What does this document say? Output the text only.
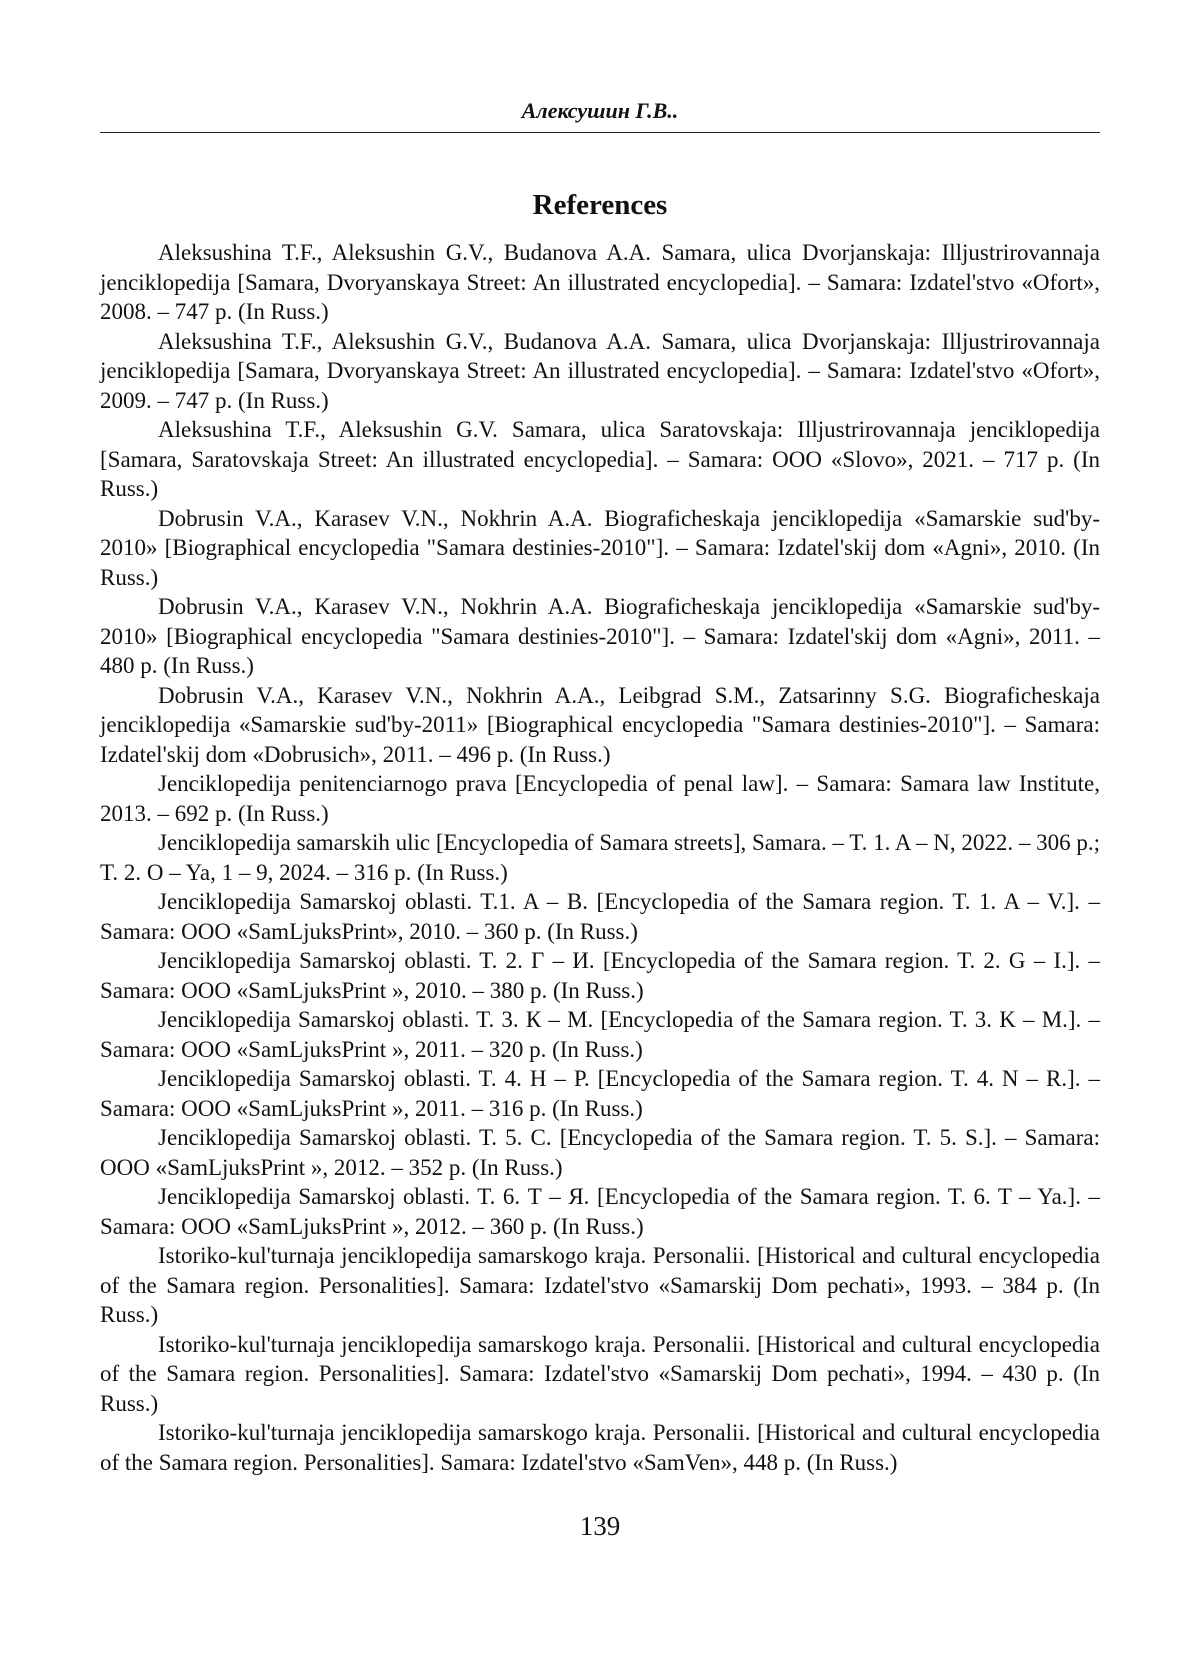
Алексушин Г.В..
References
Aleksushina T.F., Aleksushin G.V., Budanova A.A. Samara, ulica Dvorjanskaja: Illjustrirovannaja jenciklopedija [Samara, Dvoryanskaya Street: An illustrated encyclopedia]. – Samara: Izdatel'stvo «Ofort», 2008. – 747 p. (In Russ.)
Aleksushina T.F., Aleksushin G.V., Budanova A.A. Samara, ulica Dvorjanskaja: Illjustrirovannaja jenciklopedija [Samara, Dvoryanskaya Street: An illustrated encyclopedia]. – Samara: Izdatel'stvo «Ofort», 2009. – 747 p. (In Russ.)
Aleksushina T.F., Aleksushin G.V. Samara, ulica Saratovskaja: Illjustrirovannaja jenciklopedija [Samara, Saratovskaja Street: An illustrated encyclopedia]. – Samara: OOO «Slovo», 2021. – 717 p. (In Russ.)
Dobrusin V.A., Karasev V.N., Nokhrin A.A. Biograficheskaja jenciklopedija «Samarskie sud'by-2010» [Biographical encyclopedia "Samara destinies-2010"]. – Samara: Izdatel'skij dom «Agni», 2010. (In Russ.)
Dobrusin V.A., Karasev V.N., Nokhrin A.A. Biograficheskaja jenciklopedija «Samarskie sud'by-2010» [Biographical encyclopedia "Samara destinies-2010"]. – Samara: Izdatel'skij dom «Agni», 2011. – 480 p. (In Russ.)
Dobrusin V.A., Karasev V.N., Nokhrin A.A., Leibgrad S.M., Zatsarinny S.G. Biograficheskaja jenciklopedija «Samarskie sud'by-2011» [Biographical encyclopedia "Samara destinies-2010"]. – Samara: Izdatel'skij dom «Dobrusich», 2011. – 496 p. (In Russ.)
Jenciklopedija penitenciarnogo prava [Encyclopedia of penal law]. – Samara: Samara law Institute, 2013. – 692 p. (In Russ.)
Jenciklopedija samarskih ulic [Encyclopedia of Samara streets], Samara. – T. 1. A – N, 2022. – 306 p.; T. 2. O – Ya, 1 – 9, 2024. – 316 p. (In Russ.)
Jenciklopedija Samarskoj oblasti. T.1. A – B. [Encyclopedia of the Samara region. T. 1. A – V.]. – Samara: OOO «SamLjuksPrint», 2010. – 360 p. (In Russ.)
Jenciklopedija Samarskoj oblasti. T. 2. Г – И. [Encyclopedia of the Samara region. T. 2. G – I.]. – Samara: OOO «SamLjuksPrint », 2010. – 380 p. (In Russ.)
Jenciklopedija Samarskoj oblasti. T. 3. К – М. [Encyclopedia of the Samara region. T. 3. K – M.]. – Samara: OOO «SamLjuksPrint », 2011. – 320 p. (In Russ.)
Jenciklopedija Samarskoj oblasti. T. 4. Н – Р. [Encyclopedia of the Samara region. T. 4. N – R.]. – Samara: OOO «SamLjuksPrint », 2011. – 316 p. (In Russ.)
Jenciklopedija Samarskoj oblasti. T. 5. С. [Encyclopedia of the Samara region. T. 5. S.]. – Samara: OOO «SamLjuksPrint », 2012. – 352 p. (In Russ.)
Jenciklopedija Samarskoj oblasti. T. 6. Т – Я. [Encyclopedia of the Samara region. T. 6. T – Ya.]. – Samara: OOO «SamLjuksPrint », 2012. – 360 p. (In Russ.)
Istoriko-kul'turnaja jenciklopedija samarskogo kraja. Personalii. [Historical and cultural encyclopedia of the Samara region. Personalities]. Samara: Izdatel'stvo «Samarskij Dom pechati», 1993. – 384 p. (In Russ.)
Istoriko-kul'turnaja jenciklopedija samarskogo kraja. Personalii. [Historical and cultural encyclopedia of the Samara region. Personalities]. Samara: Izdatel'stvo «Samarskij Dom pechati», 1994. – 430 p. (In Russ.)
Istoriko-kul'turnaja jenciklopedija samarskogo kraja. Personalii. [Historical and cultural encyclopedia of the Samara region. Personalities]. Samara: Izdatel'stvo «SamVen», 448 p. (In Russ.)
139
